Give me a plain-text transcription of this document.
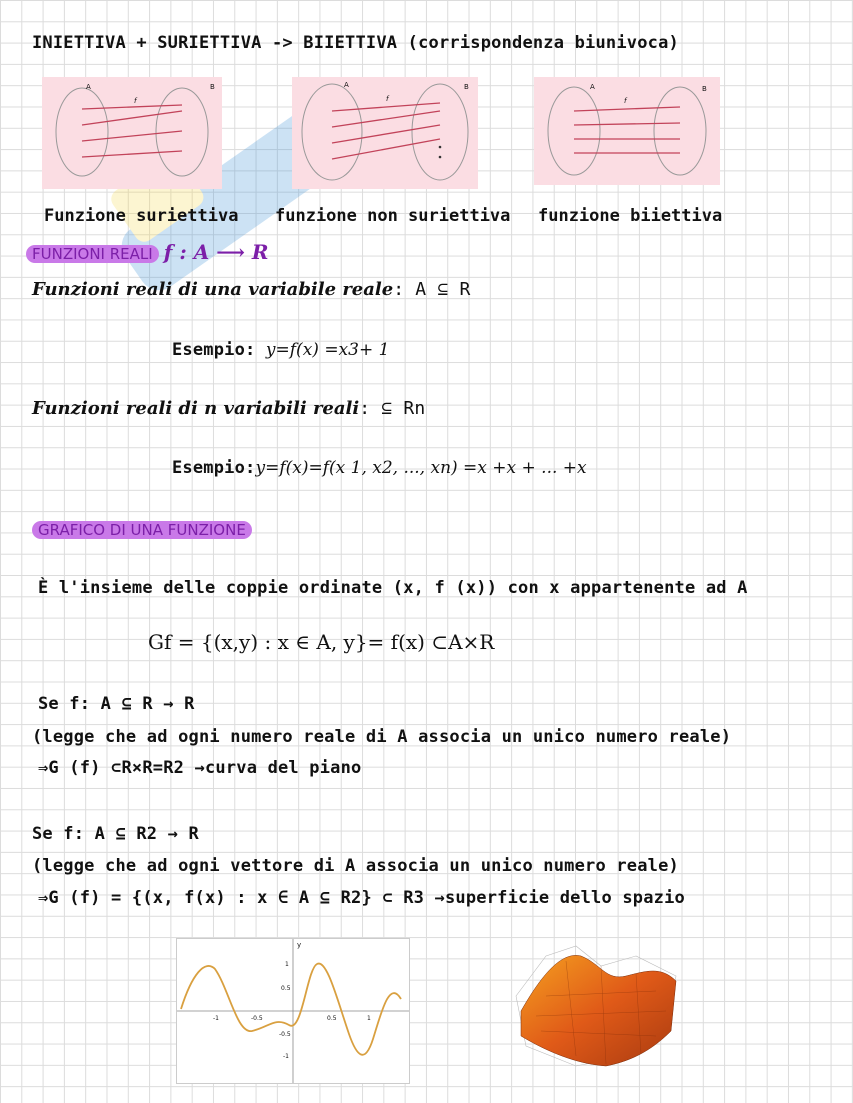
INIETTIVA + SURIETTIVA -> BIIETTIVA (corrispondenza biunivoca)
A	B
f
A	B
f
A	B
f
Funzione suriettiva funzione non suriettiva funzione biiettiva
FUNZIONI REALI f : A ⟶ R
Funzioni reali di una variabile reale: A ⊆ R
Esempio: y=f(x) =x3+ 1
Funzioni reali di n variabili reali: ⊆ Rn
Esempio:y=f(x)=f(x 1, x2, ..., xn) =x +x + ... +x
GRAFICO DI UNA FUNZIONE
È l'insieme delle coppie ordinate (x, f (x)) con x appartenente ad A
Gf = {(x,y) : x ∈ A, y}= f(x) ⊂A×R
Se f: A ⊆ R → R
(legge che ad ogni numero reale di A associa un unico numero reale)
⇒G (f) ⊂R×R=R2 →curva del piano
Se f: A ⊆ R2 → R
(legge che ad ogni vettore di A associa un unico numero reale)
⇒G (f) = {(x, f(x) : x ∈ A ⊆ R2} ⊂ R3 →superficie dello spazio
y
-1	-0.5	0.5	1
1
0.5
-0.5
-1
